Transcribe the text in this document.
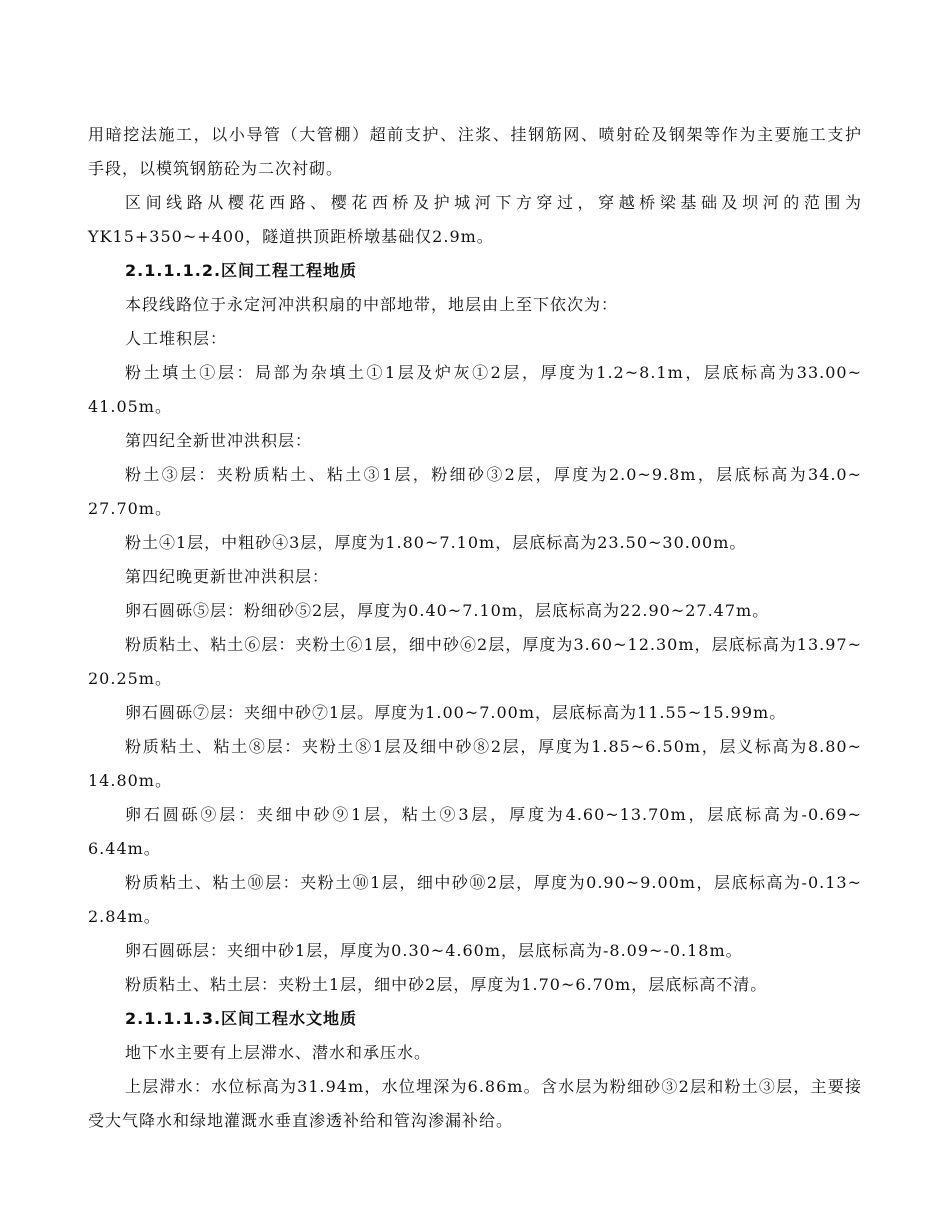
用暗挖法施工，以小导管（大管棚）超前支护、注浆、挂钢筋网、喷射砼及钢架等作为主要施工支护
手段，以模筑钢筋砼为二次衬砌。
区间线路从樱花西路、樱花西桥及护城河下方穿过，穿越桥梁基础及坝河的范围为
YK15+350~+400，隧道拱顶距桥墩基础仅2.9m。
2.1.1.1.2.区间工程工程地质
本段线路位于永定河冲洪积扇的中部地带，地层由上至下依次为：
人工堆积层：
粉土填土①层：局部为杂填土①1层及炉灰①2层，厚度为1.2~8.1m，层底标高为33.00~
41.05m。
第四纪全新世冲洪积层：
粉土③层：夹粉质粘土、粘土③1层，粉细砂③2层，厚度为2.0~9.8m，层底标高为34.0~
27.70m。
粉土④1层，中粗砂④3层，厚度为1.80~7.10m，层底标高为23.50~30.00m。
第四纪晚更新世冲洪积层：
卵石圆砾⑤层：粉细砂⑤2层，厚度为0.40~7.10m，层底标高为22.90~27.47m。
粉质粘土、粘土⑥层：夹粉土⑥1层，细中砂⑥2层，厚度为3.60~12.30m，层底标高为13.97~
20.25m。
卵石圆砾⑦层：夹细中砂⑦1层。厚度为1.00~7.00m，层底标高为11.55~15.99m。
粉质粘土、粘土⑧层：夹粉土⑧1层及细中砂⑧2层，厚度为1.85~6.50m，层义标高为8.80~
14.80m。
卵石圆砾⑨层：夹细中砂⑨1层，粘土⑨3层，厚度为4.60~13.70m，层底标高为-0.69~
6.44m。
粉质粘土、粘土⑩层：夹粉土⑩1层，细中砂⑩2层，厚度为0.90~9.00m，层底标高为-0.13~
2.84m。
卵石圆砾层：夹细中砂1层，厚度为0.30~4.60m，层底标高为-8.09~-0.18m。
粉质粘土、粘土层：夹粉土1层，细中砂2层，厚度为1.70~6.70m，层底标高不清。
2.1.1.1.3.区间工程水文地质
地下水主要有上层滞水、潜水和承压水。
上层滞水：水位标高为31.94m，水位埋深为6.86m。含水层为粉细砂③2层和粉土③层，主要接
受大气降水和绿地灌溉水垂直渗透补给和管沟渗漏补给。
